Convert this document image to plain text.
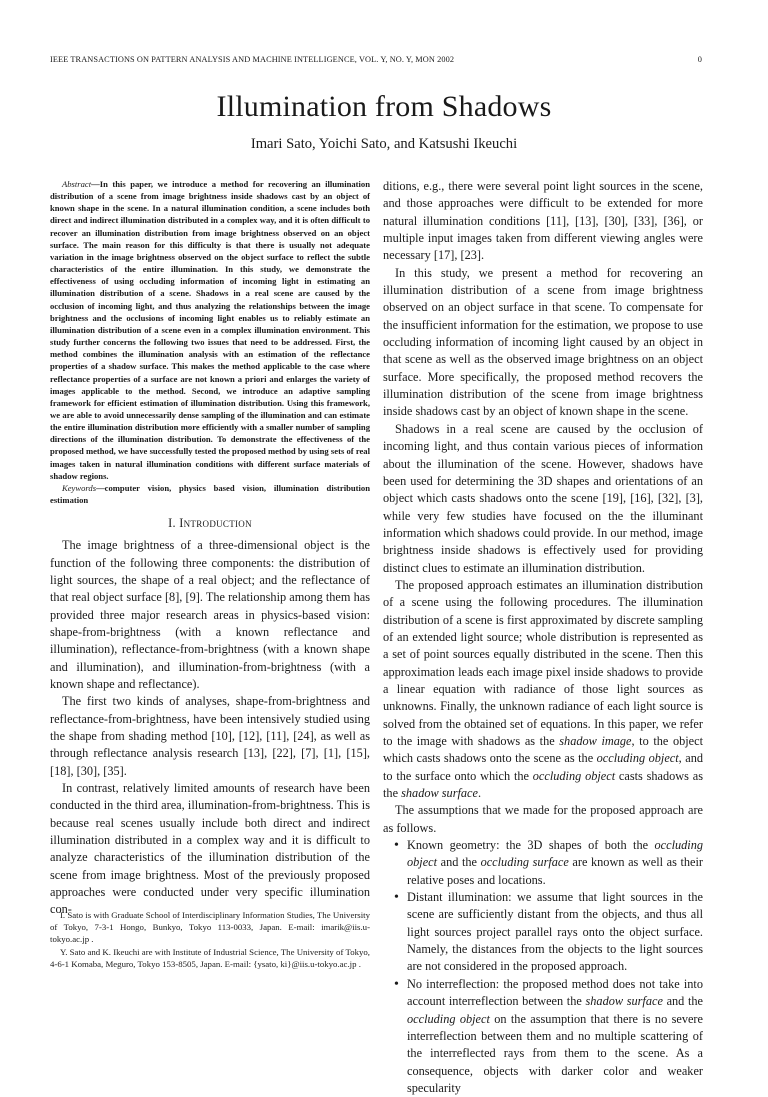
IEEE TRANSACTIONS ON PATTERN ANALYSIS AND MACHINE INTELLIGENCE, VOL. Y, NO. Y, MON 2002	0
Illumination from Shadows
Imari Sato, Yoichi Sato, and Katsushi Ikeuchi

Abstract—In this paper, we introduce a method for recovering an illumination distribution of a scene from image brightness inside shadows cast by an object of known shape in the scene. In a natural illumination condition, a scene includes both direct and indirect illumination distributed in a complex way, and it is often difficult to recover an illumination distribution from image brightness observed on an object surface. The main reason for this difficulty is that there is usually not adequate variation in the image brightness observed on the object surface to reflect the subtle characteristics of the entire illumination. In this study, we demonstrate the effectiveness of using occluding information of incoming light in estimating an illumination distribution of a scene. Shadows in a real scene are caused by the occlusion of incoming light, and thus analyzing the relationships between the image brightness and the occlusions of incoming light enables us to reliably estimate an illumination distribution of a scene even in a complex illumination environment. This study further concerns the following two issues that need to be addressed. First, the method combines the illumination analysis with an estimation of the reflectance properties of a shadow surface. This makes the method applicable to the case where reflectance properties of a surface are not known a priori and enlarges the variety of images applicable to the method. Second, we introduce an adaptive sampling framework for efficient estimation of illumination distribution. Using this framework, we are able to avoid unnecessarily dense sampling of the illumination and can estimate the entire illumination distribution more efficiently with a smaller number of sampling directions of the illumination distribution. To demonstrate the effectiveness of the proposed method, we have successfully tested the proposed method by using sets of real images taken in natural illumination conditions with different surface materials of shadow regions.

Keywords—computer vision, physics based vision, illumination distribution estimation

I. Introduction

The image brightness of a three-dimensional object is the function of the following three components: the distribution of light sources, the shape of a real object; and the reflectance of that real object surface [8], [9]. The relationship among them has provided three major research areas in physics-based vision: shape-from-brightness (with a known reflectance and illumination), reflectance-from-brightness (with a known shape and illumination), and illumination-from-brightness (with a known shape and reflectance).

The first two kinds of analyses, shape-from-brightness and reflectance-from-brightness, have been intensively studied using the shape from shading method [10], [12], [11], [24], as well as through reflectance analysis research [13], [22], [7], [1], [15], [18], [30], [35].

In contrast, relatively limited amounts of research have been conducted in the third area, illumination-from-brightness. This is because real scenes usually include both direct and indirect illumination distributed in a complex way and it is difficult to analyze characteristics of the illumination distribution of the scene from image brightness. Most of the previously proposed approaches were conducted under very specific illumination con-

ditions, e.g., there were several point light sources in the scene, and those approaches were difficult to be extended for more natural illumination conditions [11], [13], [30], [33], [36], or multiple input images taken from different viewing angles were necessary [17], [23].

In this study, we present a method for recovering an illumination distribution of a scene from image brightness observed on an object surface in that scene. To compensate for the insufficient information for the estimation, we propose to use occluding information of incoming light caused by an object in that scene as well as the observed image brightness on an object surface. More specifically, the proposed method recovers the illumination distribution of the scene from image brightness inside shadows cast by an object of known shape in the scene.

Shadows in a real scene are caused by the occlusion of incoming light, and thus contain various pieces of information about the illumination of the scene. However, shadows have been used for determining the 3D shapes and orientations of an object which casts shadows onto the scene [19], [16], [32], [3], while very few studies have focused on the the illuminant information which shadows could provide. In our method, image brightness inside shadows is effectively used for providing distinct clues to estimate an illumination distribution.

The proposed approach estimates an illumination distribution of a scene using the following procedures. The illumination distribution of a scene is first approximated by discrete sampling of an extended light source; whole distribution is represented as a set of point sources equally distributed in the scene. Then this approximation leads each image pixel inside shadows to provide a linear equation with radiance of those light sources as unknowns. Finally, the unknown radiance of each light source is solved from the obtained set of equations. In this paper, we refer to the image with shadows as the shadow image, to the object which casts shadows onto the scene as the occluding object, and to the surface onto which the occluding object casts shadows as the shadow surface.

The assumptions that we made for the proposed approach are as follows.

• Known geometry: the 3D shapes of both the occluding object and the occluding surface are known as well as their relative poses and locations.
• Distant illumination: we assume that light sources in the scene are sufficiently distant from the objects, and thus all light sources project parallel rays onto the object surface. Namely, the distances from the objects to the light sources are not considered in the proposed approach.
• No interreflection: the proposed method does not take into account interreflection between the shadow surface and the occluding object on the assumption that there is no severe interreflection between them and no multiple scattering of the interreflected rays from them to the scene. As a consequence, objects with darker color and weaker specularity

I. Sato is with Graduate School of Interdisciplinary Information Studies, The University of Tokyo, 7-3-1 Hongo, Bunkyo, Tokyo 113-0033, Japan. E-mail: imarik@iis.u-tokyo.ac.jp .

Y. Sato and K. Ikeuchi are with Institute of Industrial Science, The University of Tokyo, 4-6-1 Komaba, Meguro, Tokyo 153-8505, Japan. E-mail: {ysato, ki}@iis.u-tokyo.ac.jp .
